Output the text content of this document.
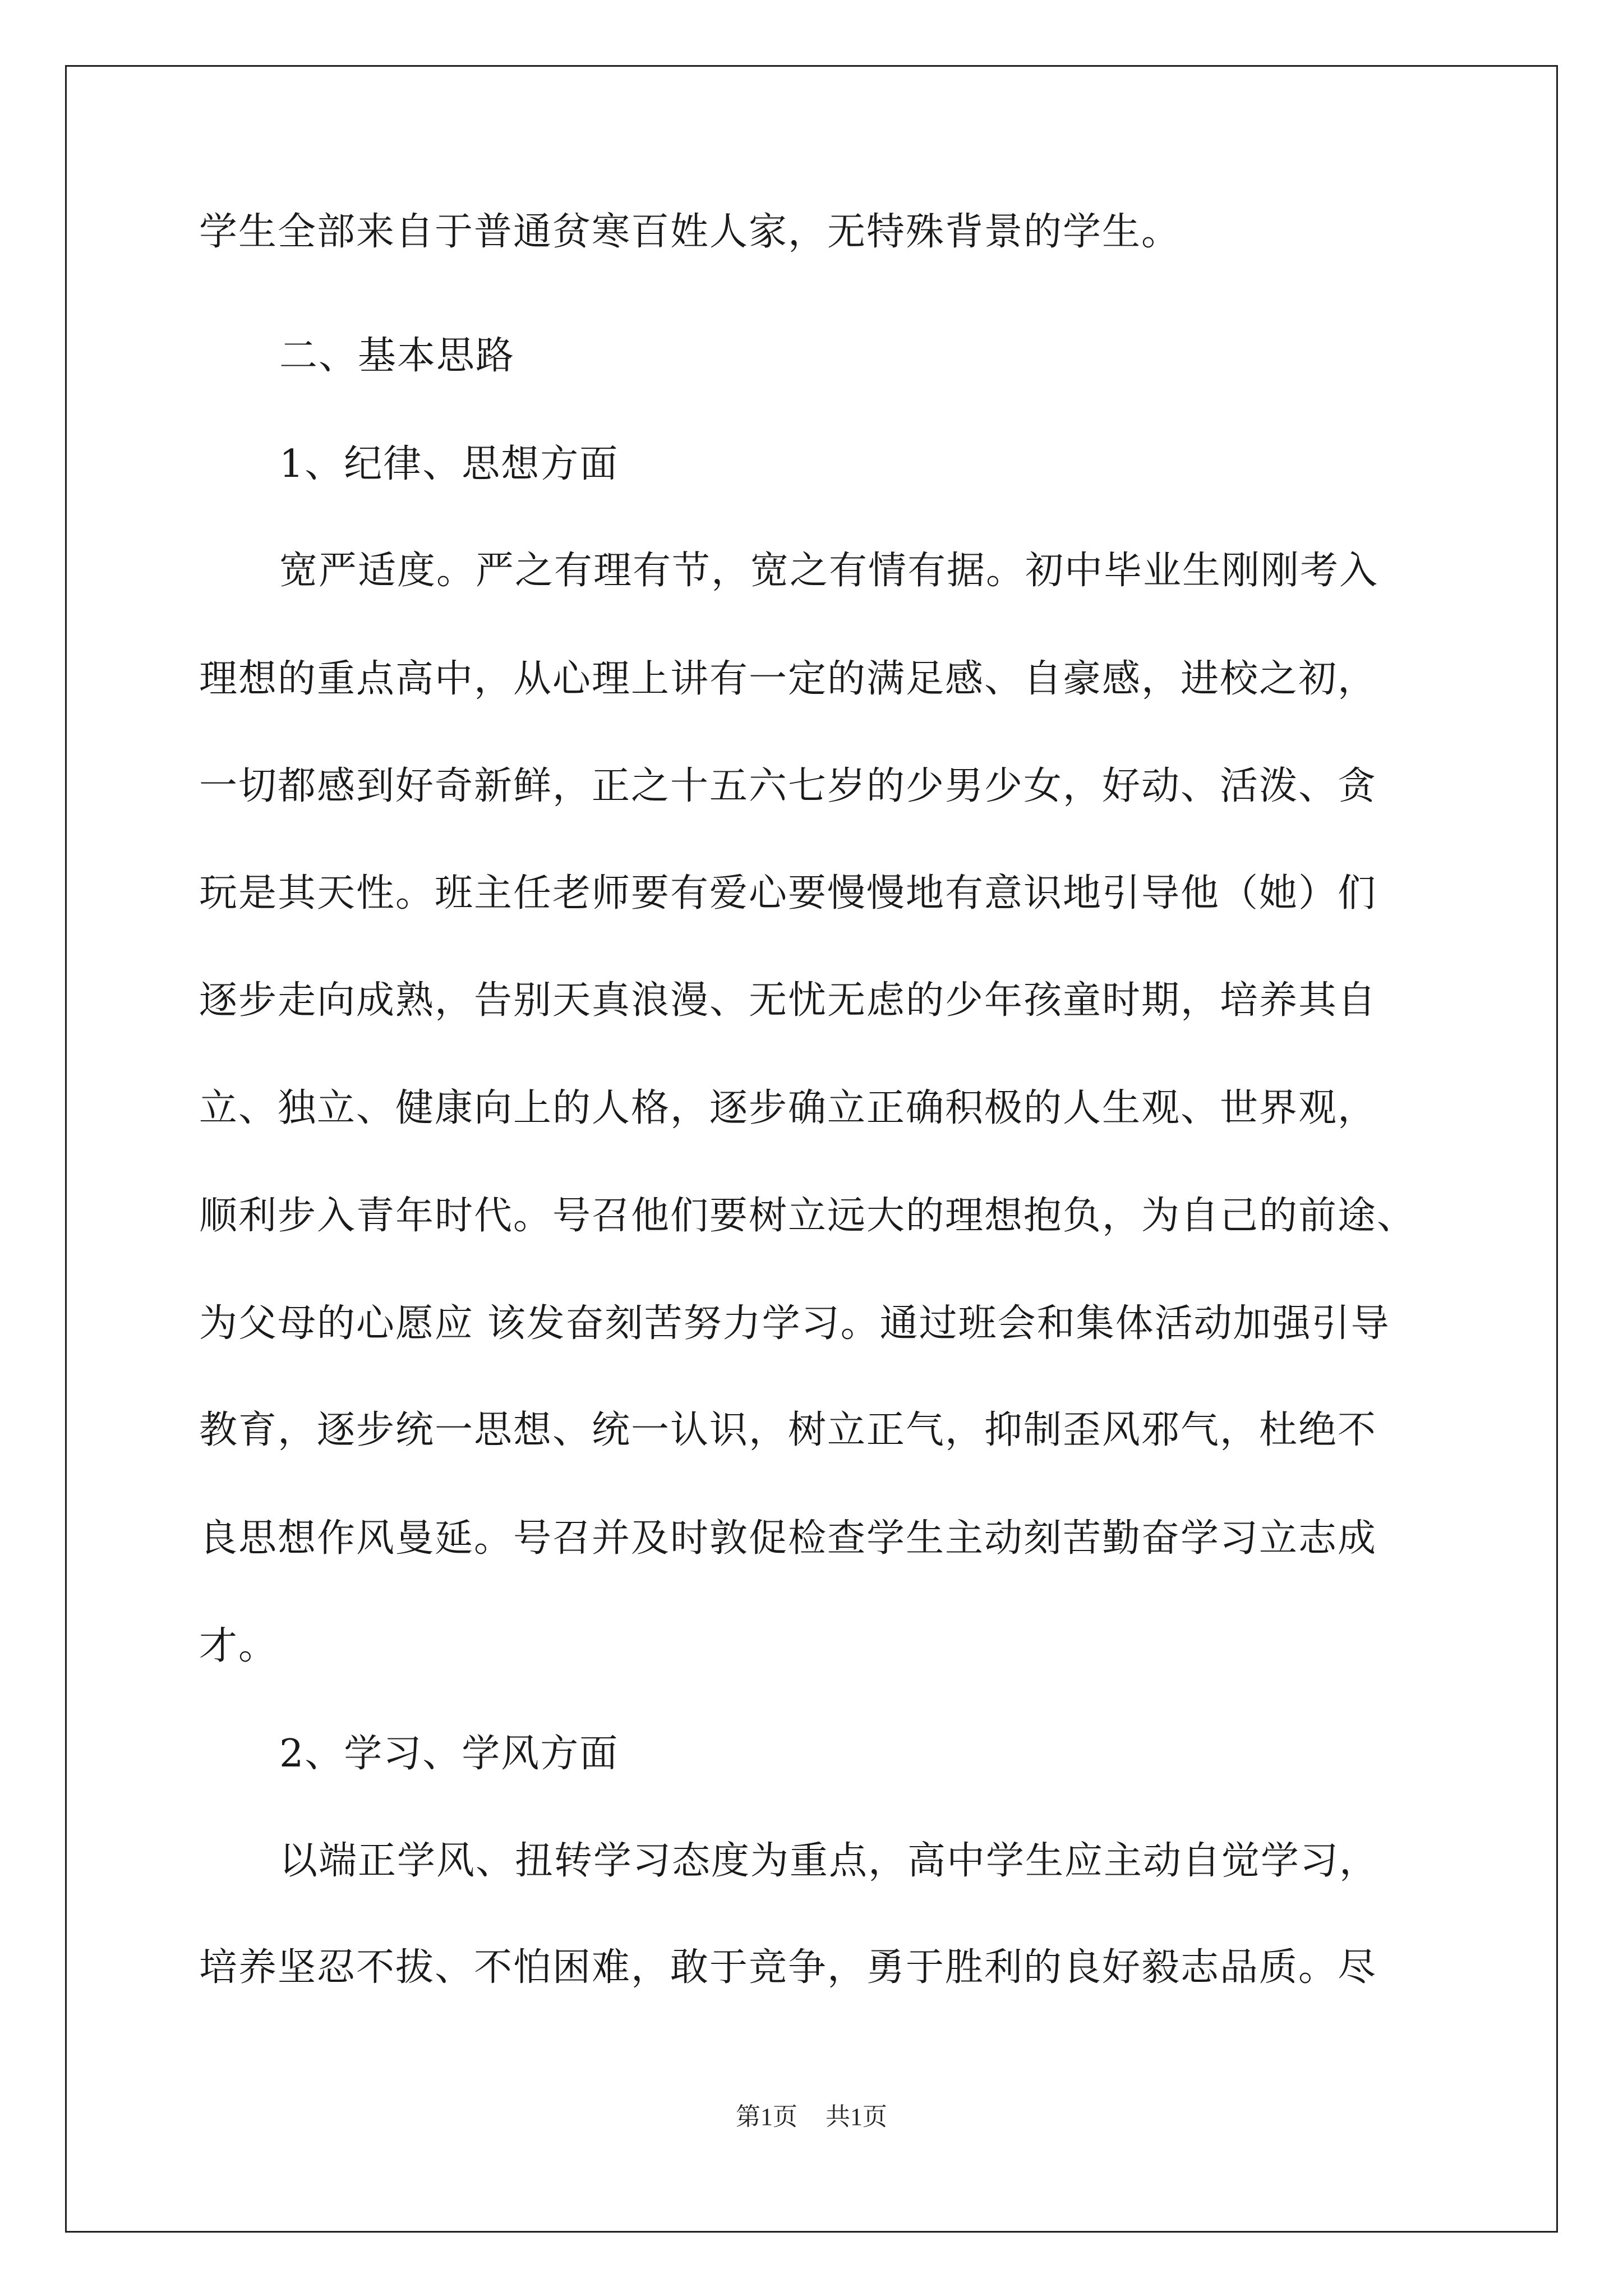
学生全部来自于普通贫寒百姓人家，无特殊背景的学生。
二、基本思路
1、纪律、思想方面
宽严适度。严之有理有节，宽之有情有据。初中毕业生刚刚考入
理想的重点高中，从心理上讲有一定的满足感、自豪感，进校之初，
一切都感到好奇新鲜，正之十五六七岁的少男少女，好动、活泼、贪
玩是其天性。班主任老师要有爱心要慢慢地有意识地引导他（她）们
逐步走向成熟，告别天真浪漫、无忧无虑的少年孩童时期，培养其自
立、独立、健康向上的人格，逐步确立正确积极的人生观、世界观，
顺利步入青年时代。号召他们要树立远大的理想抱负，为自己的前途、
为父母的心愿应 该发奋刻苦努力学习。通过班会和集体活动加强引导
教育，逐步统一思想、统一认识，树立正气，抑制歪风邪气，杜绝不
良思想作风曼延。号召并及时敦促检查学生主动刻苦勤奋学习立志成
才。
2、学习、学风方面
以端正学风、扭转学习态度为重点，高中学生应主动自觉学习，
培养坚忍不拔、不怕困难，敢于竞争，勇于胜利的良好毅志品质。尽
第1页 共1页
